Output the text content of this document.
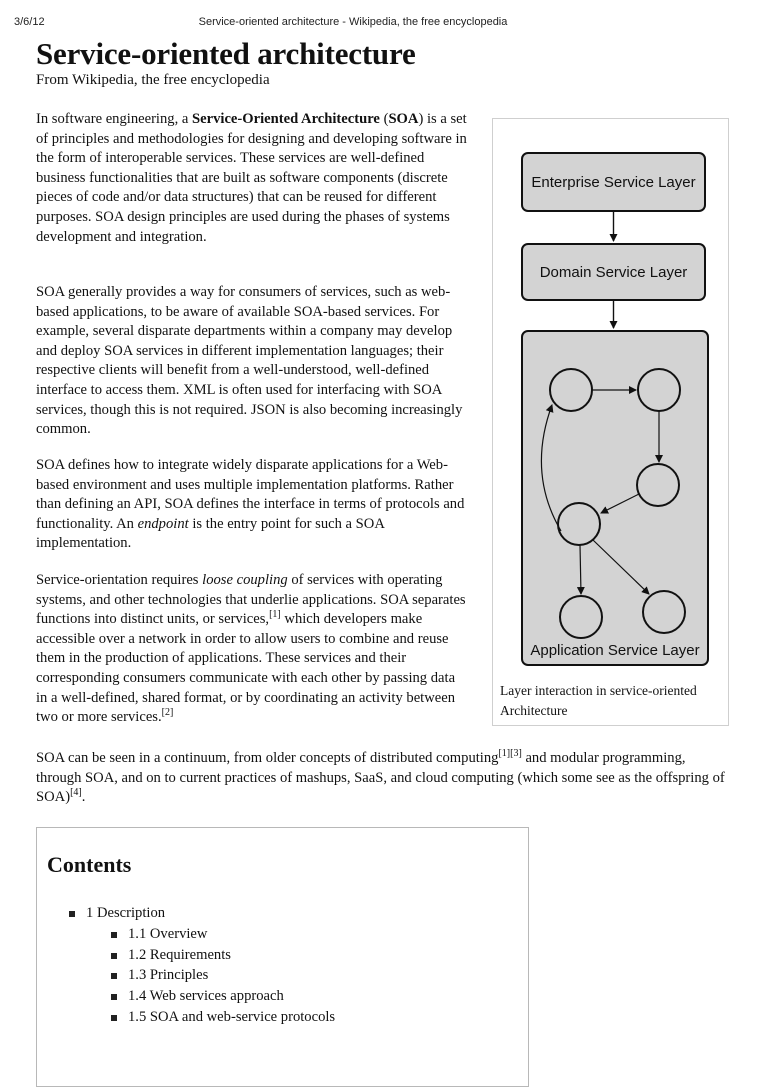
3/6/12	Service-oriented architecture - Wikipedia, the free encyclopedia
Service-oriented architecture
From Wikipedia, the free encyclopedia

In software engineering, a Service-Oriented Architecture (SOA) is a set of principles and methodologies for designing and developing software in the form of interoperable services. These services are well-defined business functionalities that are built as software components (discrete pieces of code and/or data structures) that can be reused for different purposes. SOA design principles are used during the phases of systems development and integration.

SOA generally provides a way for consumers of services, such as web-based applications, to be aware of available SOA-based services. For example, several disparate departments within a company may develop and deploy SOA services in different implementation languages; their respective clients will benefit from a well-understood, well-defined interface to access them. XML is often used for interfacing with SOA services, though this is not required. JSON is also becoming increasingly common.

SOA defines how to integrate widely disparate applications for a Web-based environment and uses multiple implementation platforms. Rather than defining an API, SOA defines the interface in terms of protocols and functionality. An endpoint is the entry point for such a SOA implementation.

Service-orientation requires loose coupling of services with operating systems, and other technologies that underlie applications. SOA separates functions into distinct units, or services,[1] which developers make accessible over a network in order to allow users to combine and reuse them in the production of applications. These services and their corresponding consumers communicate with each other by passing data in a well-defined, shared format, or by coordinating an activity between two or more services.[2]

SOA can be seen in a continuum, from older concepts of distributed computing[1][3] and modular programming, through SOA, and on to current practices of mashups, SaaS, and cloud computing (which some see as the offspring of SOA)[4].

Enterprise Service Layer
Domain Service Layer
Application Service Layer
Layer interaction in service-oriented Architecture
Contents
1 Description
1.1 Overview
1.2 Requirements
1.3 Principles
1.4 Web services approach
1.5 SOA and web-service protocols
